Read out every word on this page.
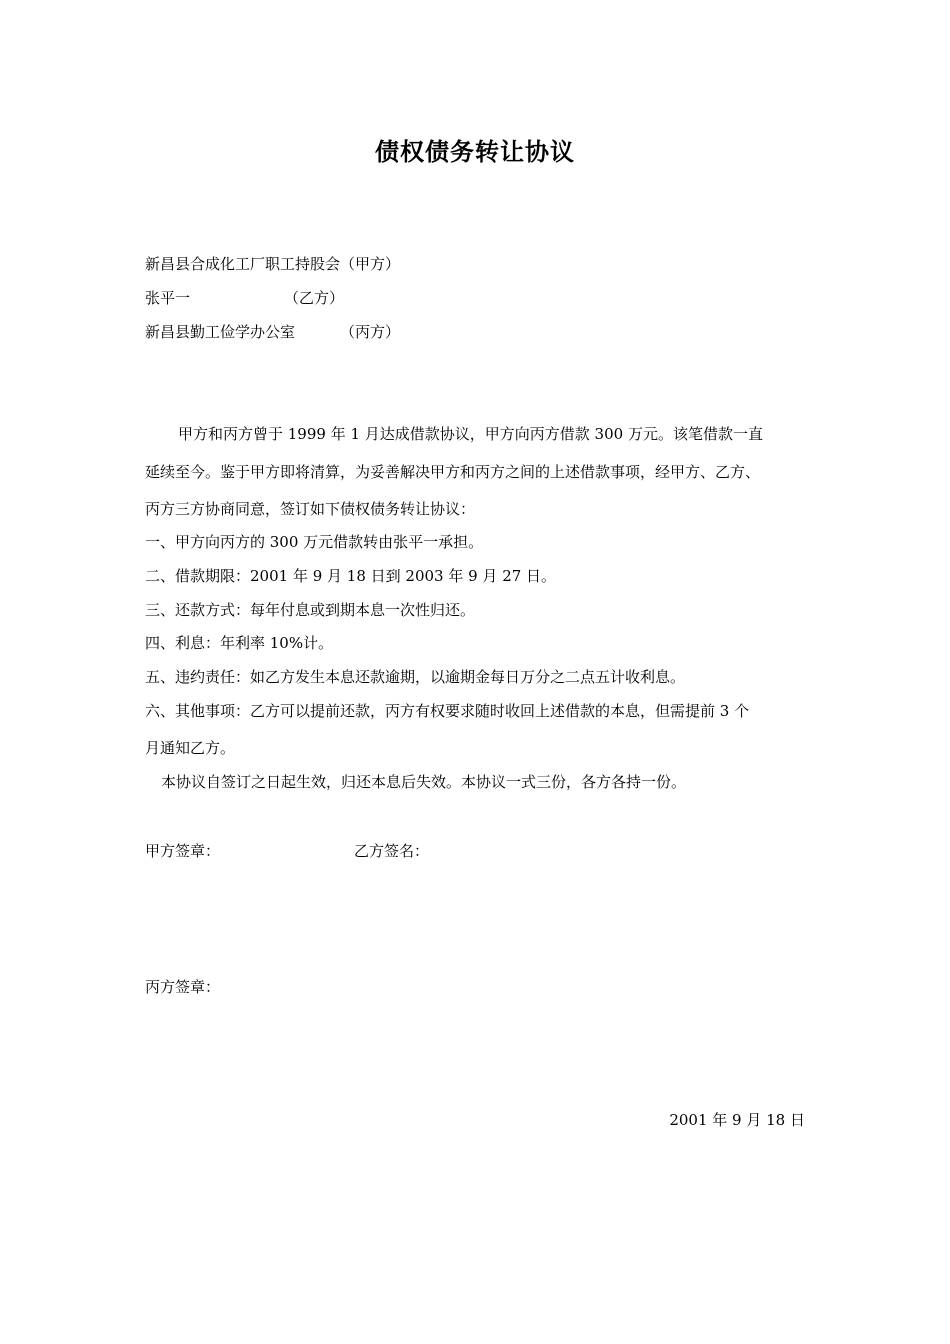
债权债务转让协议
新昌县合成化工厂职工持股会（甲方）
张平一	（乙方）
新昌县勤工俭学办公室	（丙方）
甲方和丙方曾于 1999 年 1 月达成借款协议，甲方向丙方借款 300 万元。该笔借款一直
延续至今。鉴于甲方即将清算，为妥善解决甲方和丙方之间的上述借款事项，经甲方、乙方、
丙方三方协商同意，签订如下债权债务转让协议：
一、甲方向丙方的 300 万元借款转由张平一承担。
二、借款期限：2001 年 9 月 18 日到 2003 年 9 月 27 日。
三、还款方式：每年付息或到期本息一次性归还。
四、利息：年利率 10%计。
五、违约责任：如乙方发生本息还款逾期，以逾期金每日万分之二点五计收利息。
六、其他事项：乙方可以提前还款，丙方有权要求随时收回上述借款的本息，但需提前 3 个
月通知乙方。
本协议自签订之日起生效，归还本息后失效。本协议一式三份，各方各持一份。
甲方签章：	乙方签名：
丙方签章：
2001 年 9 月 18 日
